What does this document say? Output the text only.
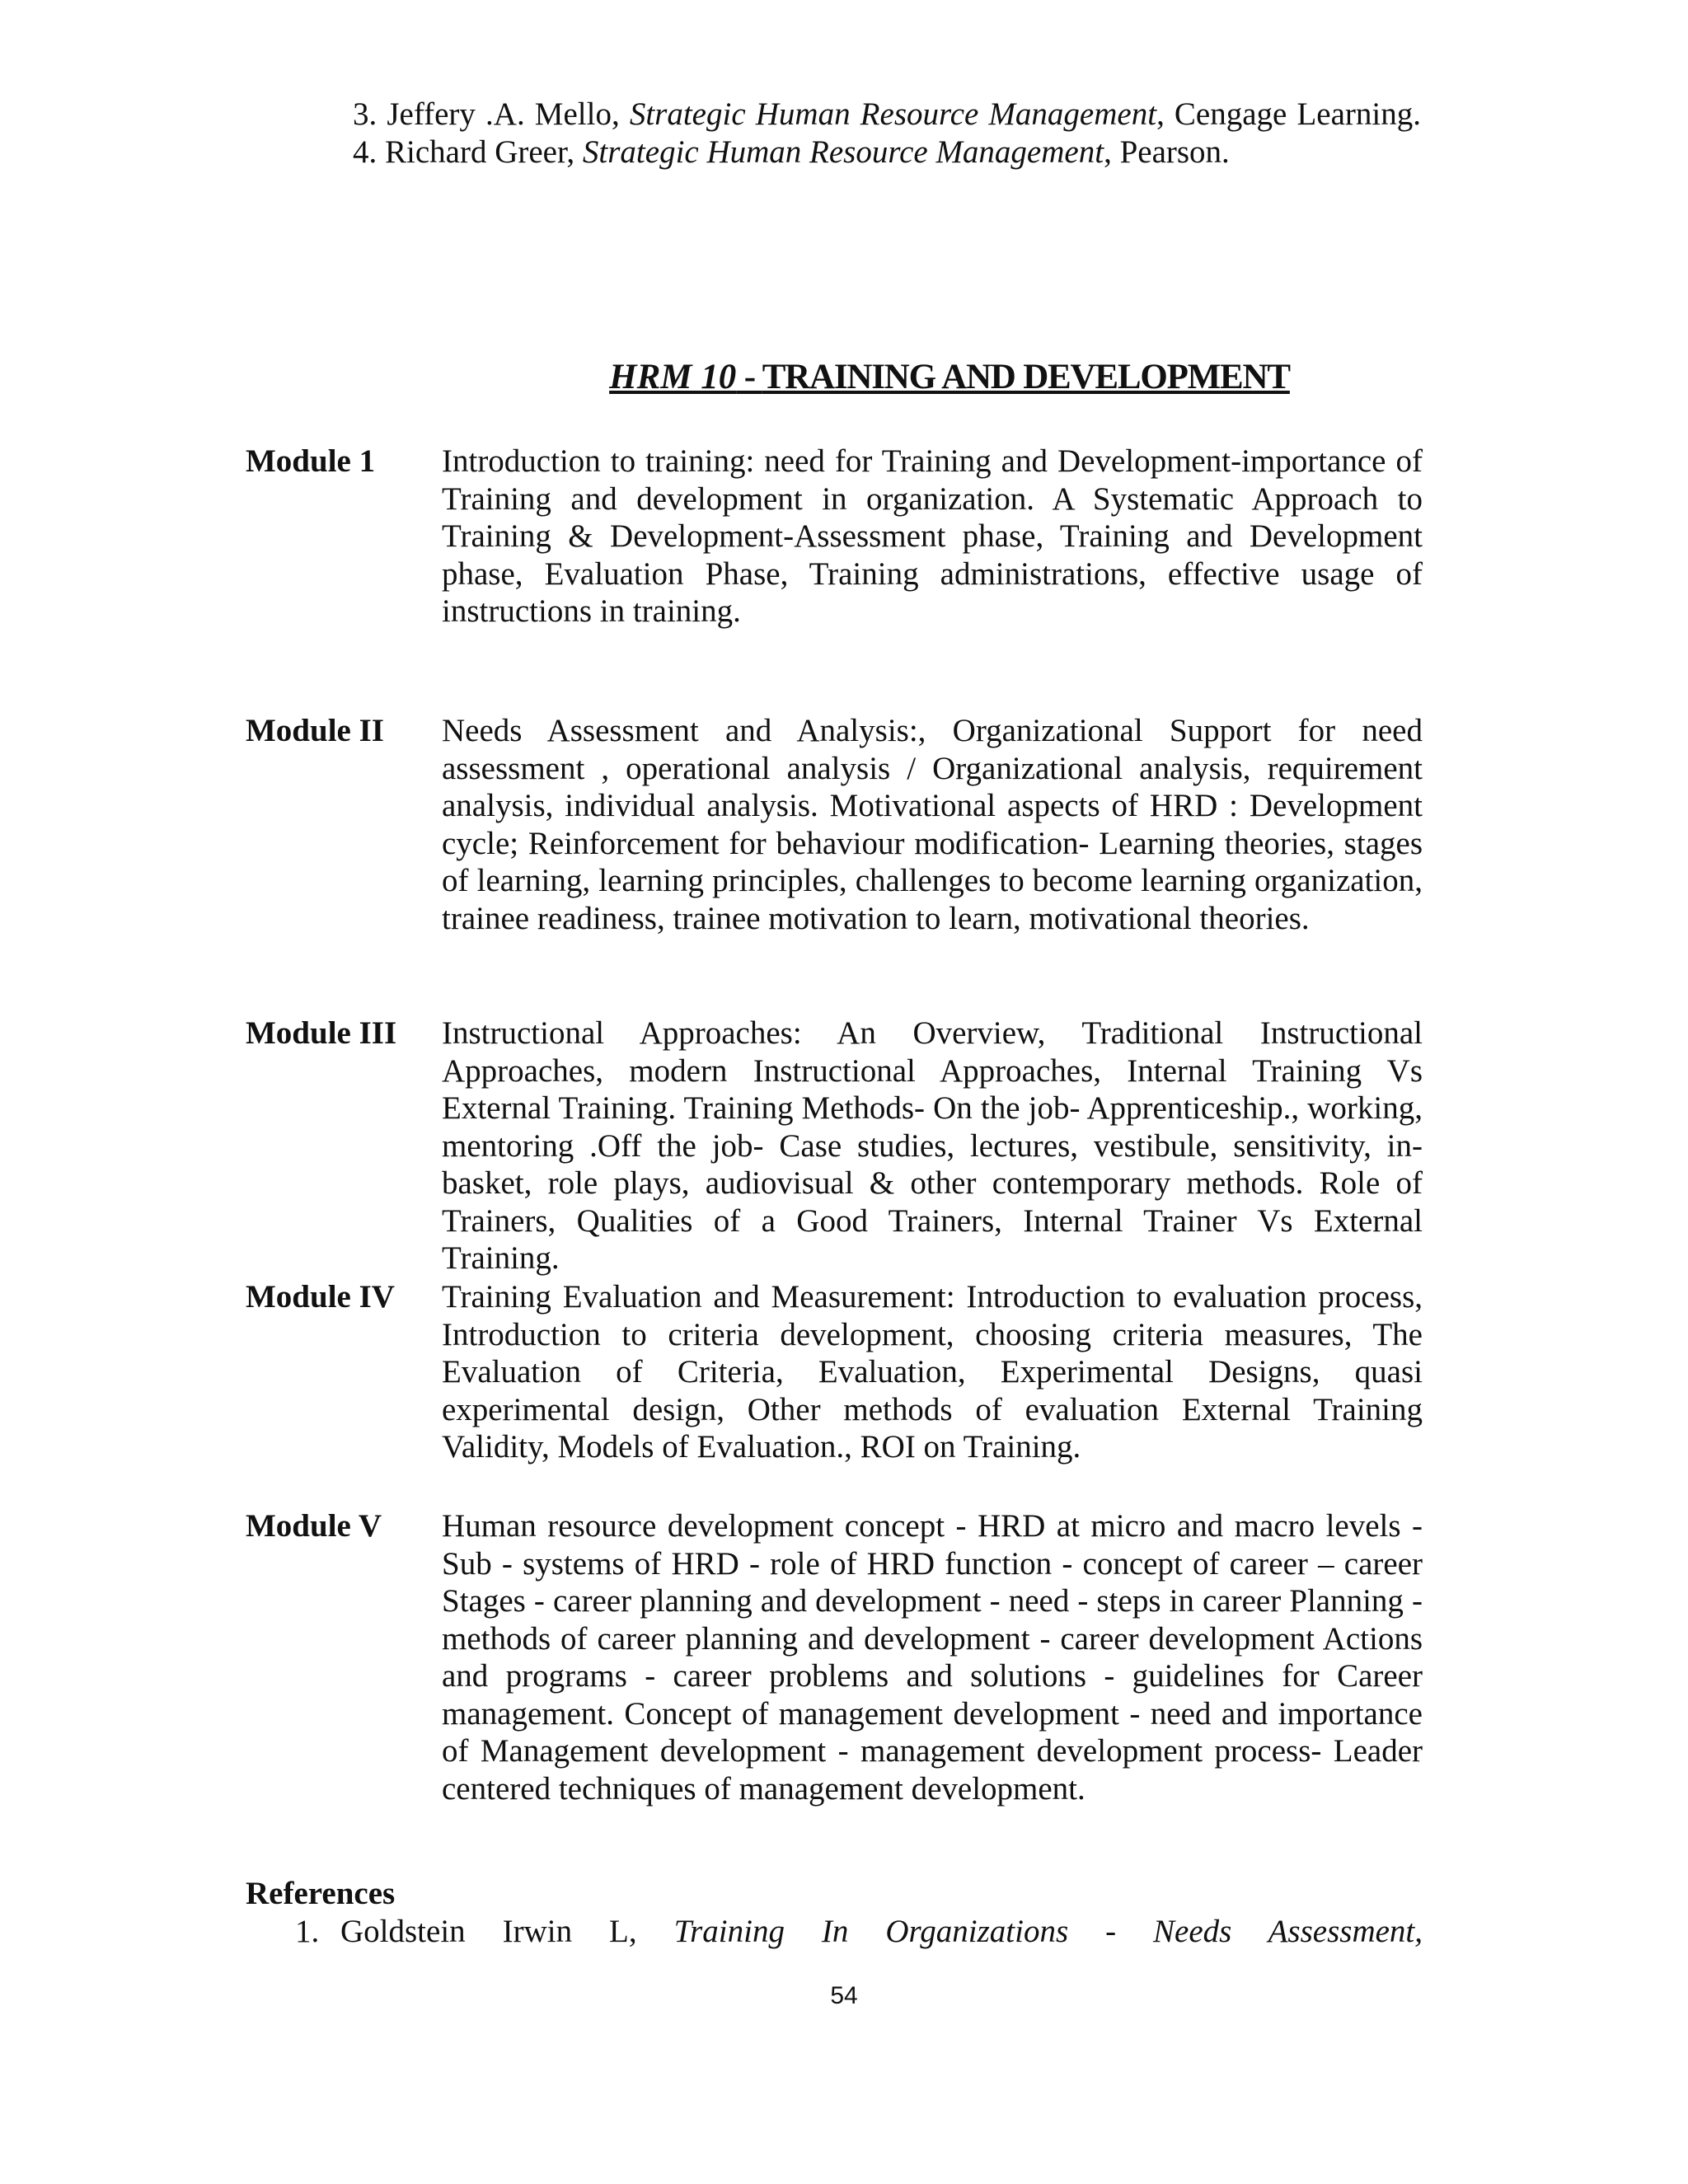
3. Jeffery .A. Mello, Strategic Human Resource Management, Cengage Learning.

4. Richard Greer, Strategic Human Resource Management, Pearson.

HRM 10 - TRAINING AND DEVELOPMENT
Module 1	Introduction to training: need for Training and Development-importance of Training and development in organization. A Systematic Approach to Training & Development-Assessment phase, Training and Development phase, Evaluation Phase, Training administrations, effective usage of instructions in training.
Module II	Needs Assessment and Analysis:, Organizational Support for need assessment , operational analysis / Organizational analysis, requirement analysis, individual analysis. Motivational aspects of HRD : Development cycle; Reinforcement for behaviour modification- Learning theories, stages of learning, learning principles, challenges to become learning organization, trainee readiness, trainee motivation to learn, motivational theories.
Module III	Instructional Approaches: An Overview, Traditional Instructional Approaches, modern Instructional Approaches, Internal Training Vs External Training. Training Methods- On the job- Apprenticeship., working, mentoring .Off the job- Case studies, lectures, vestibule, sensitivity, in-basket, role plays, audiovisual & other contemporary methods. Role of Trainers, Qualities of a Good Trainers, Internal Trainer Vs External Training.
Module IV	Training Evaluation and Measurement: Introduction to evaluation process, Introduction to criteria development, choosing criteria measures, The Evaluation of Criteria, Evaluation, Experimental Designs, quasi experimental design, Other methods of evaluation External Training Validity, Models of Evaluation., ROI on Training.
Module V	Human resource development concept - HRD at micro and macro levels - Sub - systems of HRD - role of HRD function - concept of career – career Stages - career planning and development - need - steps in career Planning - methods of career planning and development - career development Actions and programs - career problems and solutions - guidelines for Career management. Concept of management development - need and importance of Management development - management development process- Leader centered techniques of management development.
References
1. Goldstein Irwin L, Training In Organizations - Needs Assessment,
54
